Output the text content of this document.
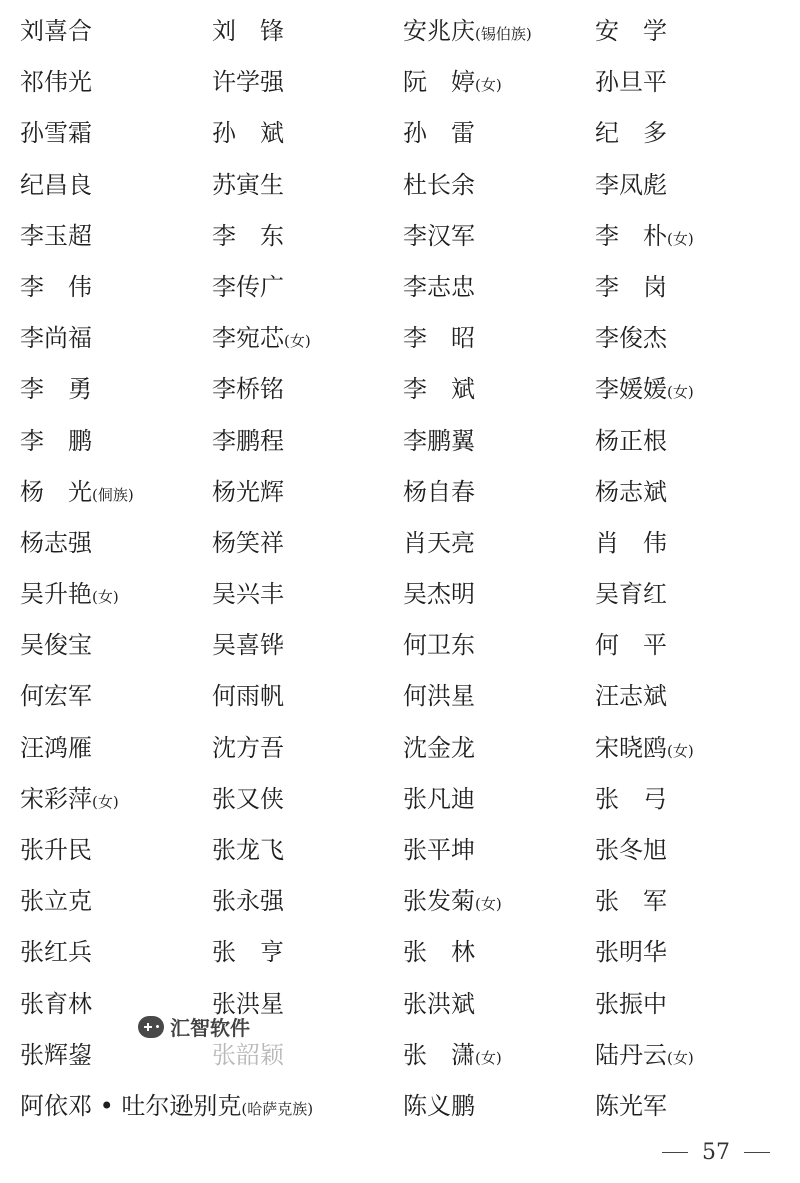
刘喜合	刘　锋	安兆庆(锡伯族)	安　学
祁伟光	许学强	阮　婷(女)	孙旦平
孙雪霜	孙　斌	孙　雷	纪　多
纪昌良	苏寅生	杜长余	李凤彪
李玉超	李　东	李汉军	李　朴(女)
李　伟	李传广	李志忠	李　岗
李尚福	李宛芯(女)	李　昭	李俊杰
李　勇	李桥铭	李　斌	李媛媛(女)
李　鹏	李鹏程	李鹏翼	杨正根
杨　光(侗族)	杨光辉	杨自春	杨志斌
杨志强	杨笑祥	肖天亮	肖　伟
吴升艳(女)	吴兴丰	吴杰明	吴育红
吴俊宝	吴喜铧	何卫东	何　平
何宏军	何雨帆	何洪星	汪志斌
汪鸿雁	沈方吾	沈金龙	宋晓鸥(女)
宋彩萍(女)	张又侠	张凡迪	张　弓
张升民	张龙飞	张平坤	张冬旭
张立克	张永强	张发菊(女)	张　军
张红兵	张　亨	张　林	张明华
张育林	张洪星	张洪斌	张振中
张辉鋆	张韶颖	张　潇(女)	陆丹云(女)
阿依邓 • 吐尔逊别克(哈萨克族)	陈义鹏	陈光军
汇智软件
57
